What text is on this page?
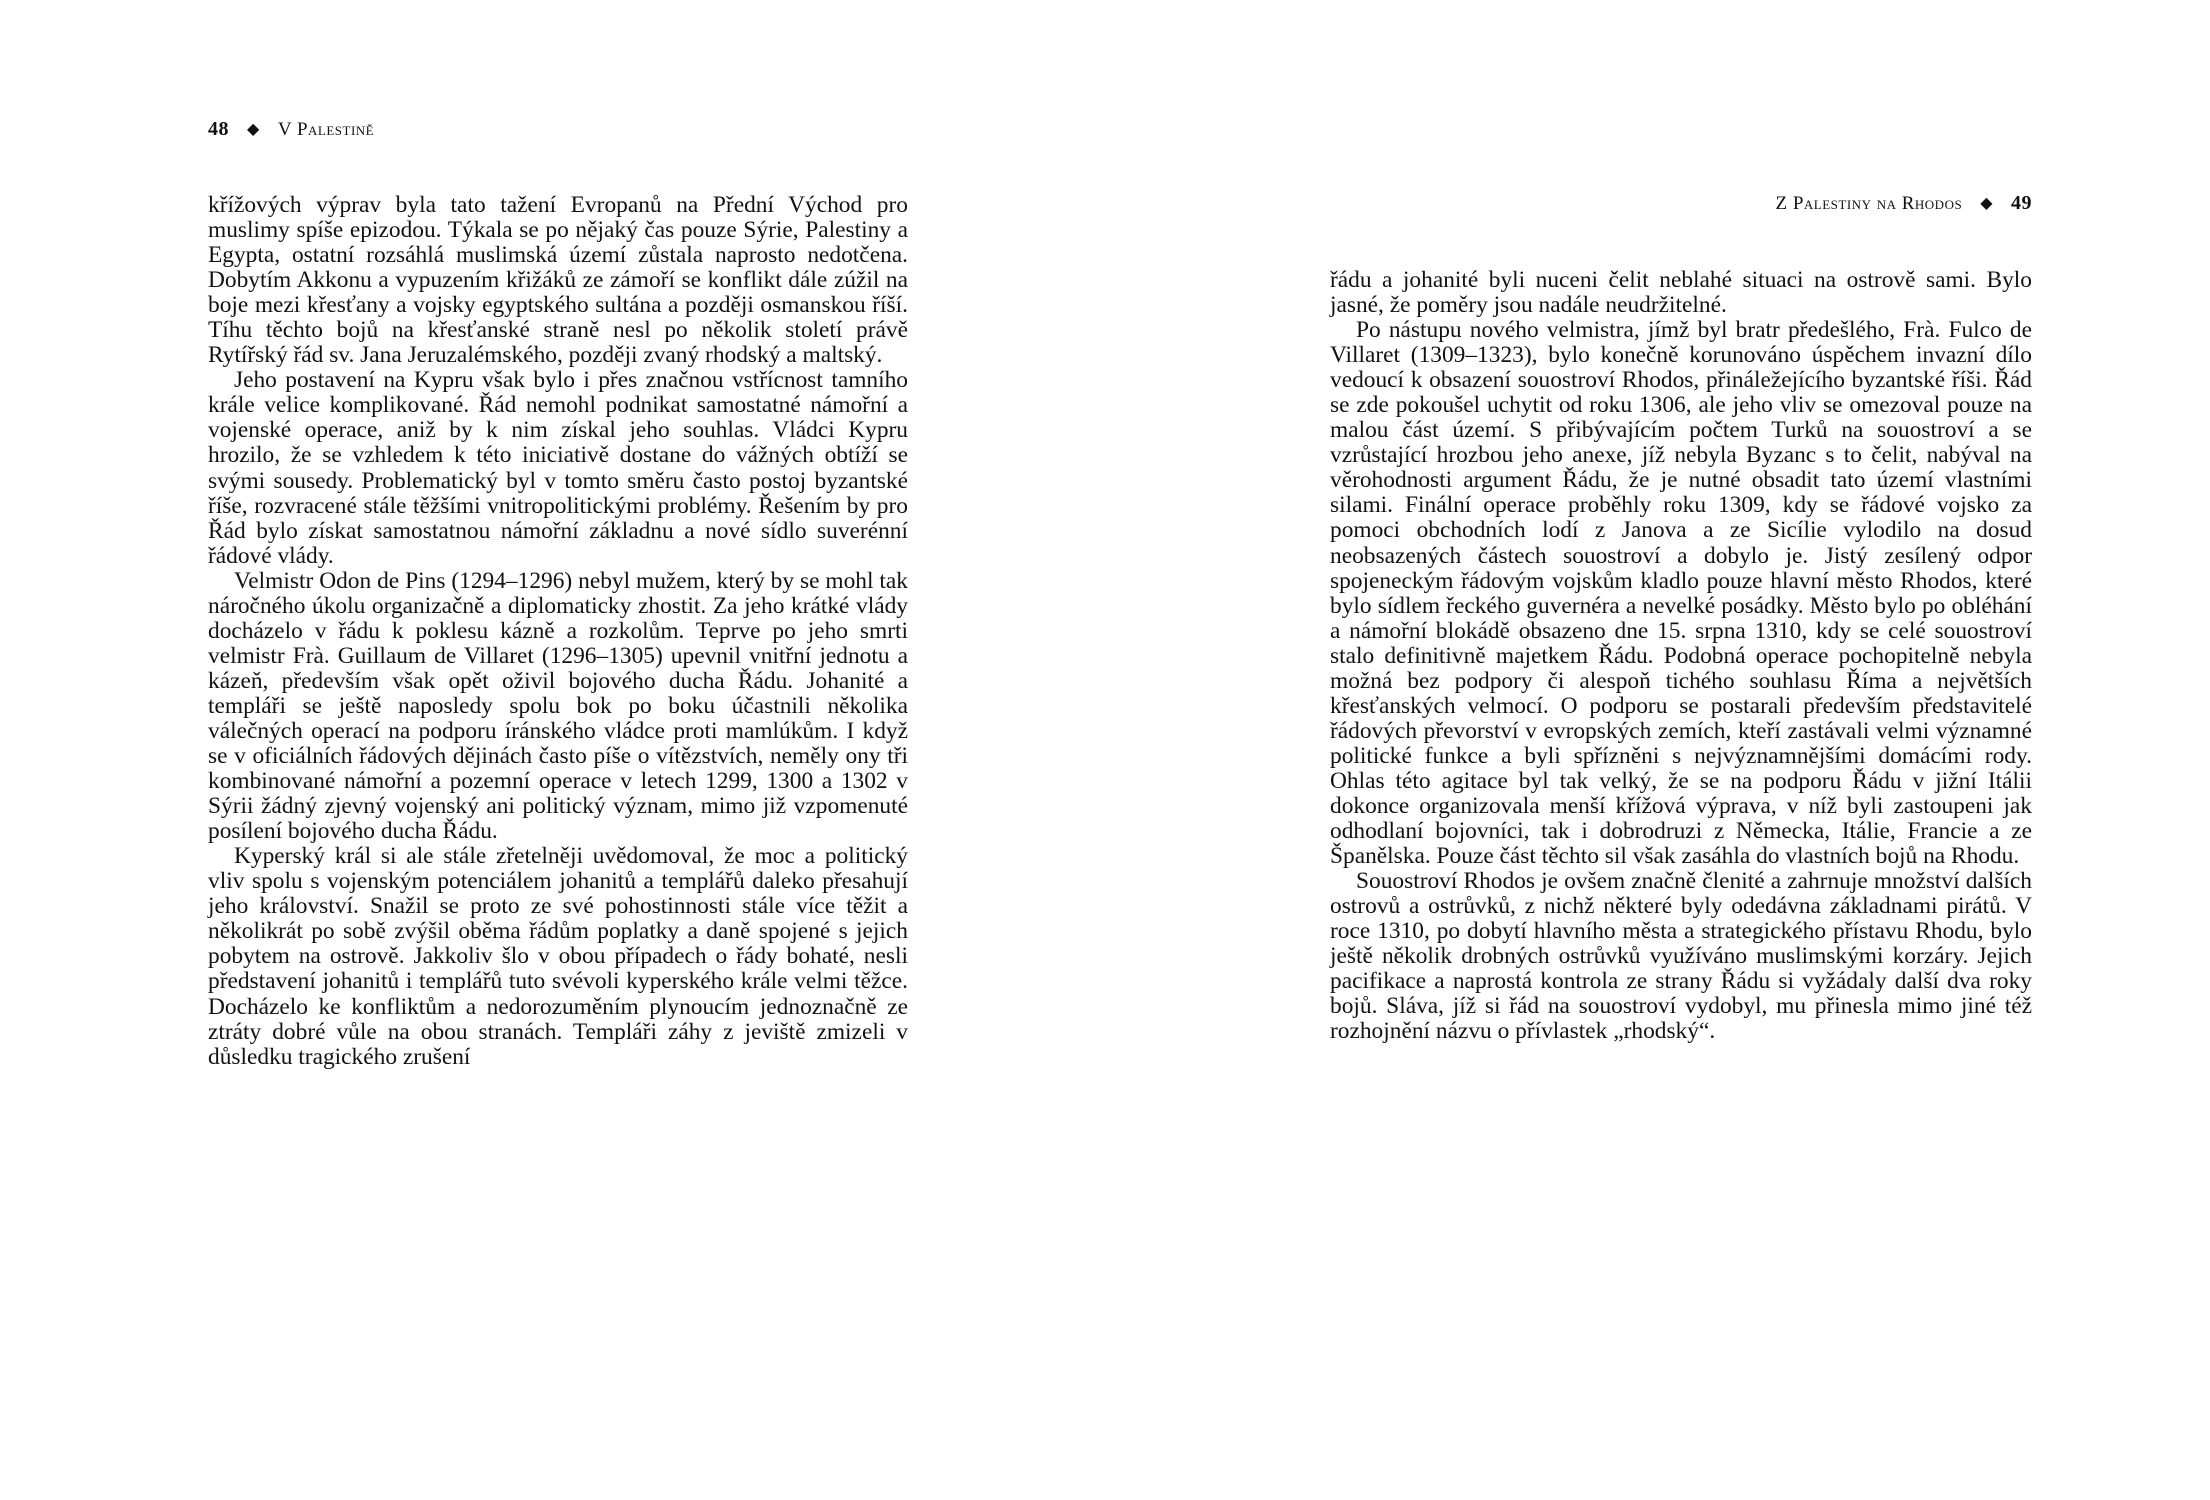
48 ◆ V Palestině

křížových výprav byla tato tažení Evropanů na Přední Východ pro muslimy spíše epizodou. Týkala se po nějaký čas pouze Sýrie, Palestiny a Egypta, ostatní rozsáhlá muslimská území zůstala naprosto nedotčena. Dobytím Akkonu a vypuzením křižáků ze zámoří se konflikt dále zúžil na boje mezi křesťany a vojsky egyptského sultána a později osmanskou říší. Tíhu těchto bojů na křesťanské straně nesl po několik století právě Rytířský řád sv. Jana Jeruzalémského, později zvaný rhodský a maltský.

Jeho postavení na Kypru však bylo i přes značnou vstřícnost tamního krále velice komplikované. Řád nemohl podnikat samostatné námořní a vojenské operace, aniž by k nim získal jeho souhlas. Vládci Kypru hrozilo, že se vzhledem k této iniciativě dostane do vážných obtíží se svými sousedy. Problematický byl v tomto směru často postoj byzantské říše, rozvracené stále těžšími vnitropolitickými problémy. Řešením by pro Řád bylo získat samostatnou námořní základnu a nové sídlo suverénní řádové vlády.

Velmistr Odon de Pins (1294–1296) nebyl mužem, který by se mohl tak náročného úkolu organizačně a diplomaticky zhostit. Za jeho krátké vlády docházelo v řádu k poklesu kázně a rozkolům. Teprve po jeho smrti velmistr Frà. Guillaum de Villaret (1296–1305) upevnil vnitřní jednotu a kázeň, především však opět oživil bojového ducha Řádu. Johanité a templáři se ještě naposledy spolu bok po boku účastnili několika válečných operací na podporu íránského vládce proti mamlúkům. I když se v oficiálních řádových dějinách často píše o vítězstvích, neměly ony tři kombinované námořní a pozemní operace v letech 1299, 1300 a 1302 v Sýrii žádný zjevný vojenský ani politický význam, mimo již vzpomenuté posílení bojového ducha Řádu.

Kyperský král si ale stále zřetelněji uvědomoval, že moc a politický vliv spolu s vojenským potenciálem johanitů a templářů daleko přesahují jeho království. Snažil se proto ze své pohostinnosti stále více těžit a několikrát po sobě zvýšil oběma řádům poplatky a daně spojené s jejich pobytem na ostrově. Jakkoliv šlo v obou případech o řády bohaté, nesli představení johanitů i templářů tuto svévoli kyperského krále velmi těžce. Docházelo ke konfliktům a nedorozuměním plynoucím jednoznačně ze ztráty dobré vůle na obou stranách. Templáři záhy z jeviště zmizeli v důsledku tragického zrušení

Z Palestiny na Rhodos ◆ 49

řádu a johanité byli nuceni čelit neblahé situaci na ostrově sami. Bylo jasné, že poměry jsou nadále neudržitelné.

Po nástupu nového velmistra, jímž byl bratr předešlého, Frà. Fulco de Villaret (1309–1323), bylo konečně korunováno úspěchem invazní dílo vedoucí k obsazení souostroví Rhodos, přináležejícího byzantské říši. Řád se zde pokoušel uchytit od roku 1306, ale jeho vliv se omezoval pouze na malou část území. S přibývajícím počtem Turků na souostroví a se vzrůstající hrozbou jeho anexe, jíž nebyla Byzanc s to čelit, nabýval na věrohodnosti argument Řádu, že je nutné obsadit tato území vlastními silami. Finální operace proběhly roku 1309, kdy se řádové vojsko za pomoci obchodních lodí z Janova a ze Sicílie vylodilo na dosud neobsazených částech souostroví a dobylo je. Jistý zesílený odpor spojeneckým řádovým vojskům kladlo pouze hlavní město Rhodos, které bylo sídlem řeckého guvernéra a nevelké posádky. Město bylo po obléhání a námořní blokádě obsazeno dne 15. srpna 1310, kdy se celé souostroví stalo definitivně majetkem Řádu. Podobná operace pochopitelně nebyla možná bez podpory či alespoň tichého souhlasu Říma a největších křesťanských velmocí. O podporu se postarali především představitelé řádových převorství v evropských zemích, kteří zastávali velmi významné politické funkce a byli spřízněni s nejvýznamnějšími domácími rody. Ohlas této agitace byl tak velký, že se na podporu Řádu v jižní Itálii dokonce organizovala menší křížová výprava, v níž byli zastoupeni jak odhodlaní bojovníci, tak i dobrodruzi z Německa, Itálie, Francie a ze Španělska. Pouze část těchto sil však zasáhla do vlastních bojů na Rhodu.

Souostroví Rhodos je ovšem značně členité a zahrnuje množství dalších ostrovů a ostrůvků, z nichž některé byly odedávna základnami pirátů. V roce 1310, po dobytí hlavního města a strategického přístavu Rhodu, bylo ještě několik drobných ostrůvků využíváno muslimskými korzáry. Jejich pacifikace a naprostá kontrola ze strany Řádu si vyžádaly další dva roky bojů. Sláva, jíž si řád na souostroví vydobyl, mu přinesla mimo jiné též rozhojnění názvu o přívlastek „rhodský“.
